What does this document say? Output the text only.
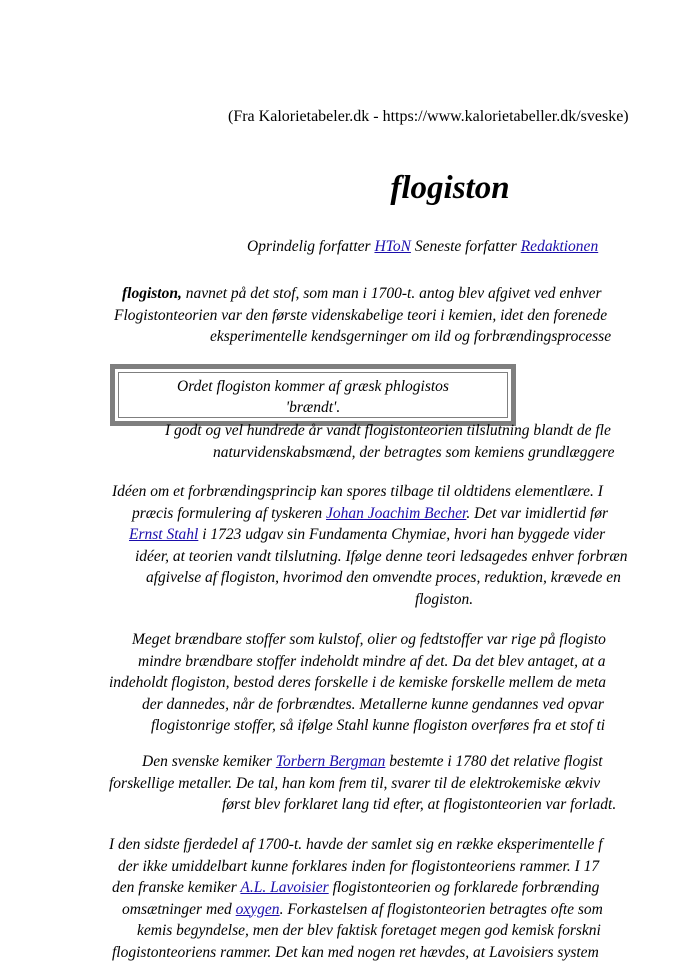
(Fra Kalorietabeler.dk - https://www.kalorietabeller.dk/sveske)
flogiston
Oprindelig forfatter HToN Seneste forfatter Redaktionen
flogiston, navnet på det stof, som man i 1700-t. antog blev afgivet ved enhver
Flogistonteorien var den første videnskabelige teori i kemien, idet den forenede
eksperimentelle kendsgerninger om ild og forbrændingsprocesse
Ordet flogiston kommer af græsk phlogistos
'brændt'.
I godt og vel hundrede år vandt flogistonteorien tilslutning blandt de fle
naturvidenskabsmænd, der betragtes som kemiens grundlæggere
Idéen om et forbrændingsprincip kan spores tilbage til oldtidens elementlære. I
præcis formulering af tyskeren Johan Joachim Becher. Det var imidlertid før
Ernst Stahl i 1723 udgav sin Fundamenta Chymiae, hvori han byggede vider
idéer, at teorien vandt tilslutning. Ifølge denne teori ledsagedes enhver forbræn
afgivelse af flogiston, hvorimod den omvendte proces, reduktion, krævede en
flogiston.
Meget brændbare stoffer som kulstof, olier og fedtstoffer var rige på flogisto
mindre brændbare stoffer indeholdt mindre af det. Da det blev antaget, at a
indeholdt flogiston, bestod deres forskelle i de kemiske forskelle mellem de meta
der dannedes, når de forbrændtes. Metallerne kunne gendannes ved opvar
flogistonrige stoffer, så ifølge Stahl kunne flogiston overføres fra et stof ti
Den svenske kemiker Torbern Bergman bestemte i 1780 det relative flogist
forskellige metaller. De tal, han kom frem til, svarer til de elektrokemiske ækviv
først blev forklaret lang tid efter, at flogistonteorien var forladt.
I den sidste fjerdedel af 1700-t. havde der samlet sig en række eksperimentelle f
der ikke umiddelbart kunne forklares inden for flogistonteoriens rammer. I 17
den franske kemiker A.L. Lavoisier flogistonteorien og forklarede forbrænding
omsætninger med oxygen. Forkastelsen af flogistonteorien betragtes ofte som
kemis begyndelse, men der blev faktisk foretaget megen god kemisk forskni
flogistonteoriens rammer. Det kan med nogen ret hævdes, at Lavoisiers system
